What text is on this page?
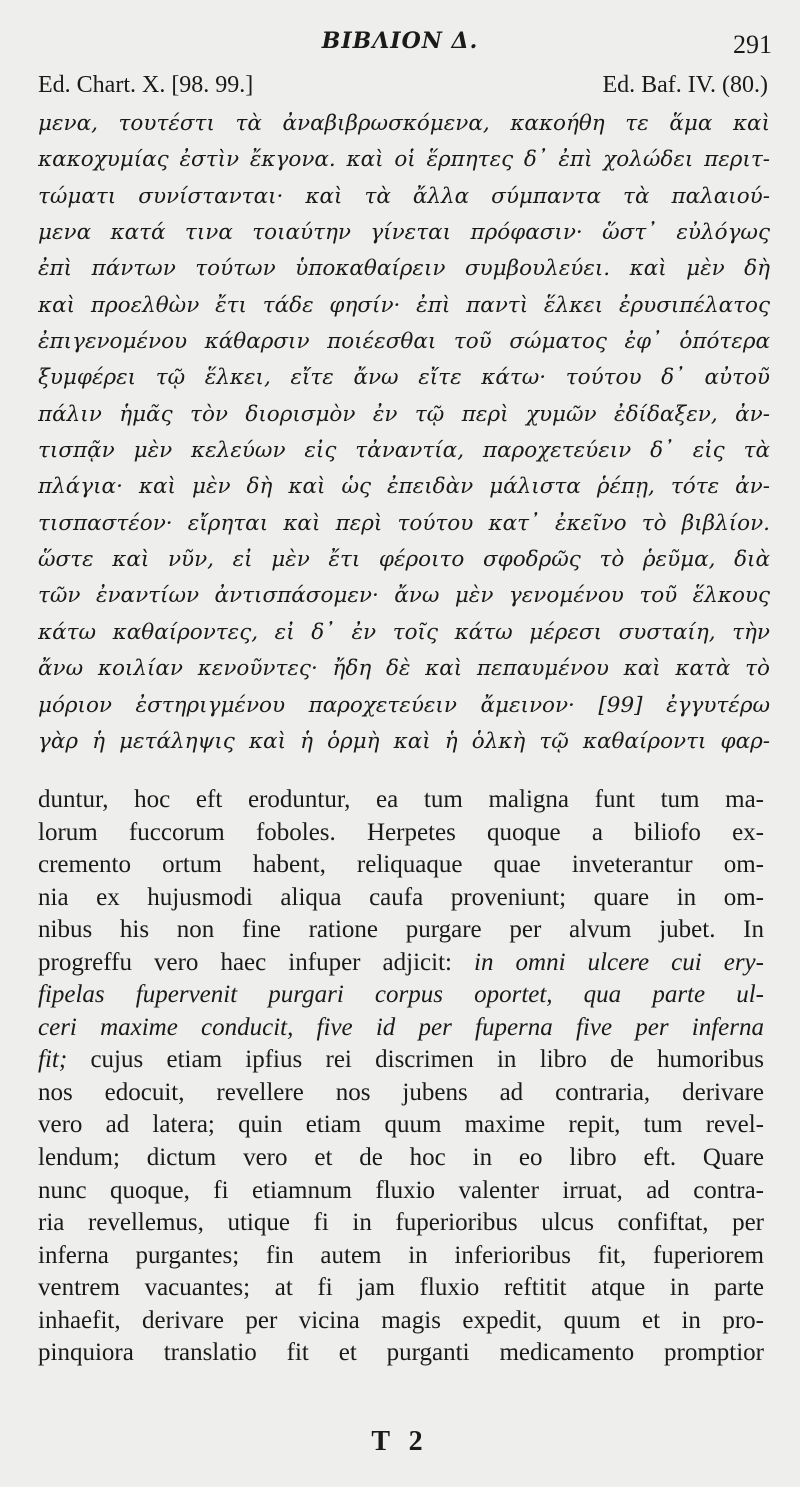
ΒΙΒΛΙΟΝ Δ.	291
Ed. Chart. X. [98. 99.]	Ed. Baf. IV. (80.)
μενα, τουτέστι τὰ ἀναβιβρωσκόμενα, κακοήθη τε ἅμα καὶ
κακοχυμίας ἐστὶν ἔκγονα. καὶ οἱ ἕρπητες δ᾽ ἐπὶ χολώδει περιτ-
τώματι συνίστανται· καὶ τὰ ἄλλα σύμπαντα τὰ παλαιού-
μενα κατά τινα τοιαύτην γίνεται πρόφασιν· ὥστ᾽ εὐλόγως
ἐπὶ πάντων τούτων ὑποκαθαίρειν συμβουλεύει. καὶ μὲν δὴ
καὶ προελθὼν ἔτι τάδε φησίν· ἐπὶ παντὶ ἕλκει ἐρυσιπέλατος
ἐπιγενομένου κάθαρσιν ποιέεσθαι τοῦ σώματος ἐφ᾽ ὁπότερα
ξυμφέρει τῷ ἕλκει, εἴτε ἄνω εἴτε κάτω· τούτου δ᾽ αὐτοῦ
πάλιν ἡμᾶς τὸν διορισμὸν ἐν τῷ περὶ χυμῶν ἐδίδαξεν, ἀν-
τισπᾷν μὲν κελεύων εἰς τἀναντία, παροχετεύειν δ᾽ εἰς τὰ
πλάγια· καὶ μὲν δὴ καὶ ὡς ἐπειδὰν μάλιστα ῥέπῃ, τότε ἀν-
τισπαστέον· εἴρηται καὶ περὶ τούτου κατ᾽ ἐκεῖνο τὸ βιβλίον.
ὥστε καὶ νῦν, εἰ μὲν ἔτι φέροιτο σφοδρῶς τὸ ῥεῦμα, διὰ
τῶν ἐναντίων ἀντισπάσομεν· ἄνω μὲν γενομένου τοῦ ἕλκους
κάτω καθαίροντες, εἰ δ᾽ ἐν τοῖς κάτω μέρεσι συσταίη, τὴν
ἄνω κοιλίαν κενοῦντες· ἤδη δὲ καὶ πεπαυμένου καὶ κατὰ τὸ
μόριον ἐστηριγμένου παροχετεύειν ἄμεινον· [99] ἐγγυτέρω
γὰρ ἡ μετάληψις καὶ ἡ ὁρμὴ καὶ ἡ ὁλκὴ τῷ καθαίροντι φαρ-
duntur, hoc eft eroduntur, ea tum maligna funt tum ma-
lorum fuccorum foboles. Herpetes quoque a biliofo ex-
cremento ortum habent, reliquaque quae inveterantur om-
nia ex hujusmodi aliqua caufa proveniunt; quare in om-
nibus his non fine ratione purgare per alvum jubet. In
progreffu vero haec infuper adjicit: in omni ulcere cui ery-
fipelas fupervenit purgari corpus oportet, qua parte ul-
ceri maxime conducit, five id per fuperna five per inferna
fit; cujus etiam ipfius rei discrimen in libro de humoribus
nos edocuit, revellere nos jubens ad contraria, derivare
vero ad latera; quin etiam quum maxime repit, tum revel-
lendum; dictum vero et de hoc in eo libro eft. Quare
nunc quoque, fi etiamnum fluxio valenter irruat, ad contra-
ria revellemus, utique fi in fuperioribus ulcus confiftat, per
inferna purgantes; fin autem in inferioribus fit, fuperiorem
ventrem vacuantes; at fi jam fluxio reftitit atque in parte
inhaefit, derivare per vicina magis expedit, quum et in pro-
pinquiora translatio fit et purganti medicamento promptior
T 2
